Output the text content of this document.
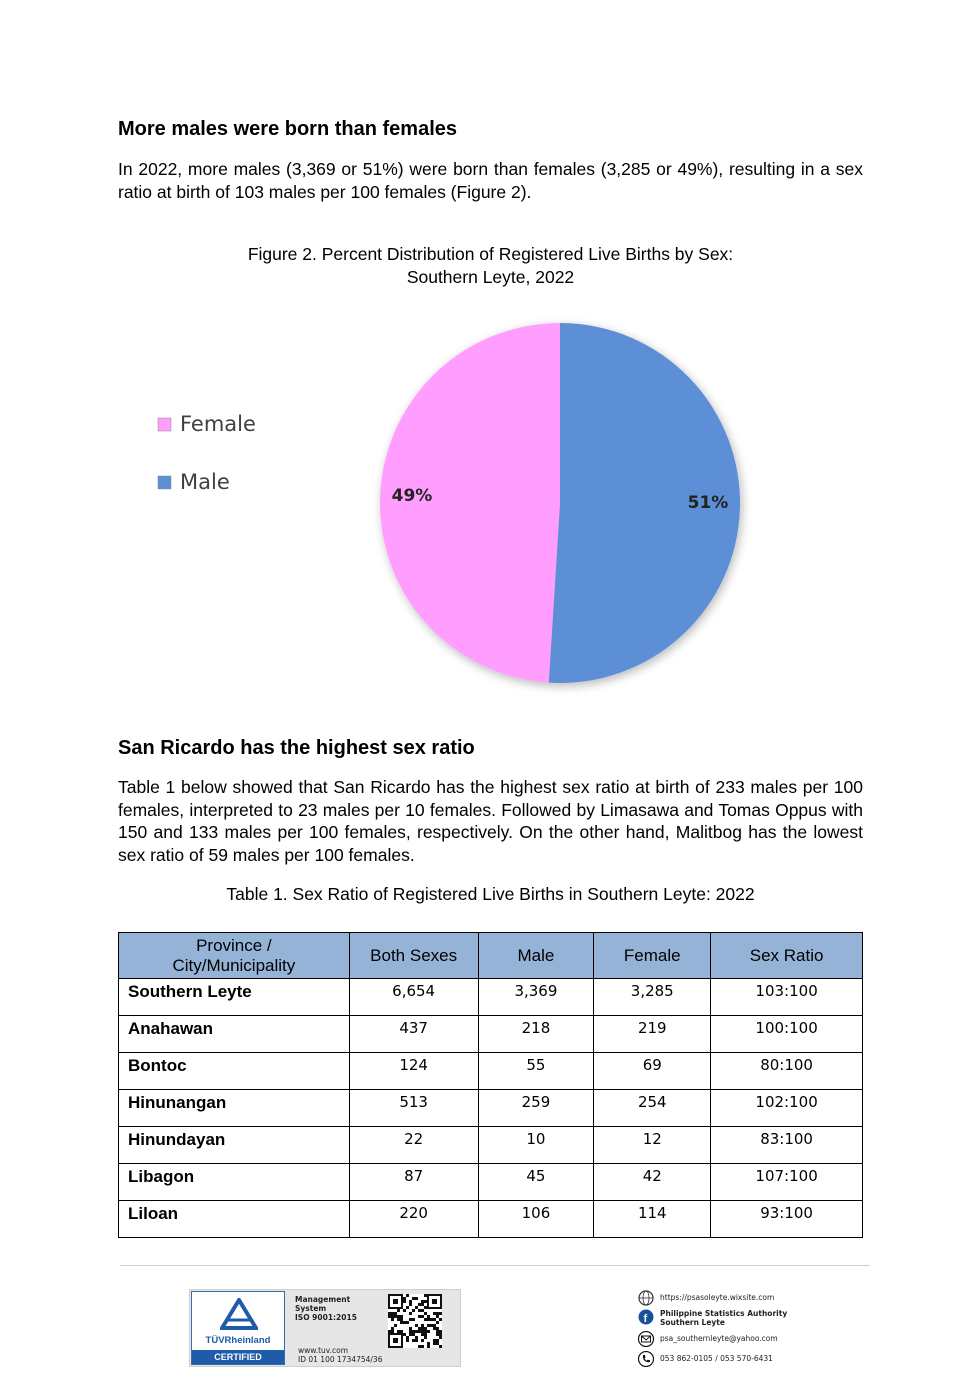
More males were born than females
In 2022, more males (3,369 or 51%) were born than females (3,285 or 49%), resulting in a sex ratio at birth of 103 males per 100 females (Figure 2).
Figure 2. Percent Distribution of Registered Live Births by Sex:
Southern Leyte, 2022
51%
49%
Female
Male
San Ricardo has the highest sex ratio
Table 1 below showed that San Ricardo has the highest sex ratio at birth of 233 males per 100 females, interpreted to 23 males per 10 females. Followed by Limasawa and Tomas Oppus with 150 and 133 males per 100 females, respectively. On the other hand, Malitbog has the lowest sex ratio of 59 males per 100 females.
Table 1. Sex Ratio of Registered Live Births in Southern Leyte: 2022
Province /
City/Municipality	Both Sexes	Male	Female	Sex Ratio
Southern Leyte	6,654	3,369	3,285	103:100
Anahawan	437	218	219	100:100
Bontoc	124	55	69	80:100
Hinunangan	513	259	254	102:100
Hinundayan	22	10	12	83:100
Libagon	87	45	42	107:100
Liloan	220	106	114	93:100
TÜVRheinland
CERTIFIED
Management
System
ISO 9001:2015
www.tuv.com
ID 01 100 1734754/36
https://psasoleyte.wixsite.com
f Philippine Statistics Authority
Southern Leyte
psa_southernleyte@yahoo.com
053 862-0105 / 053 570-6431
